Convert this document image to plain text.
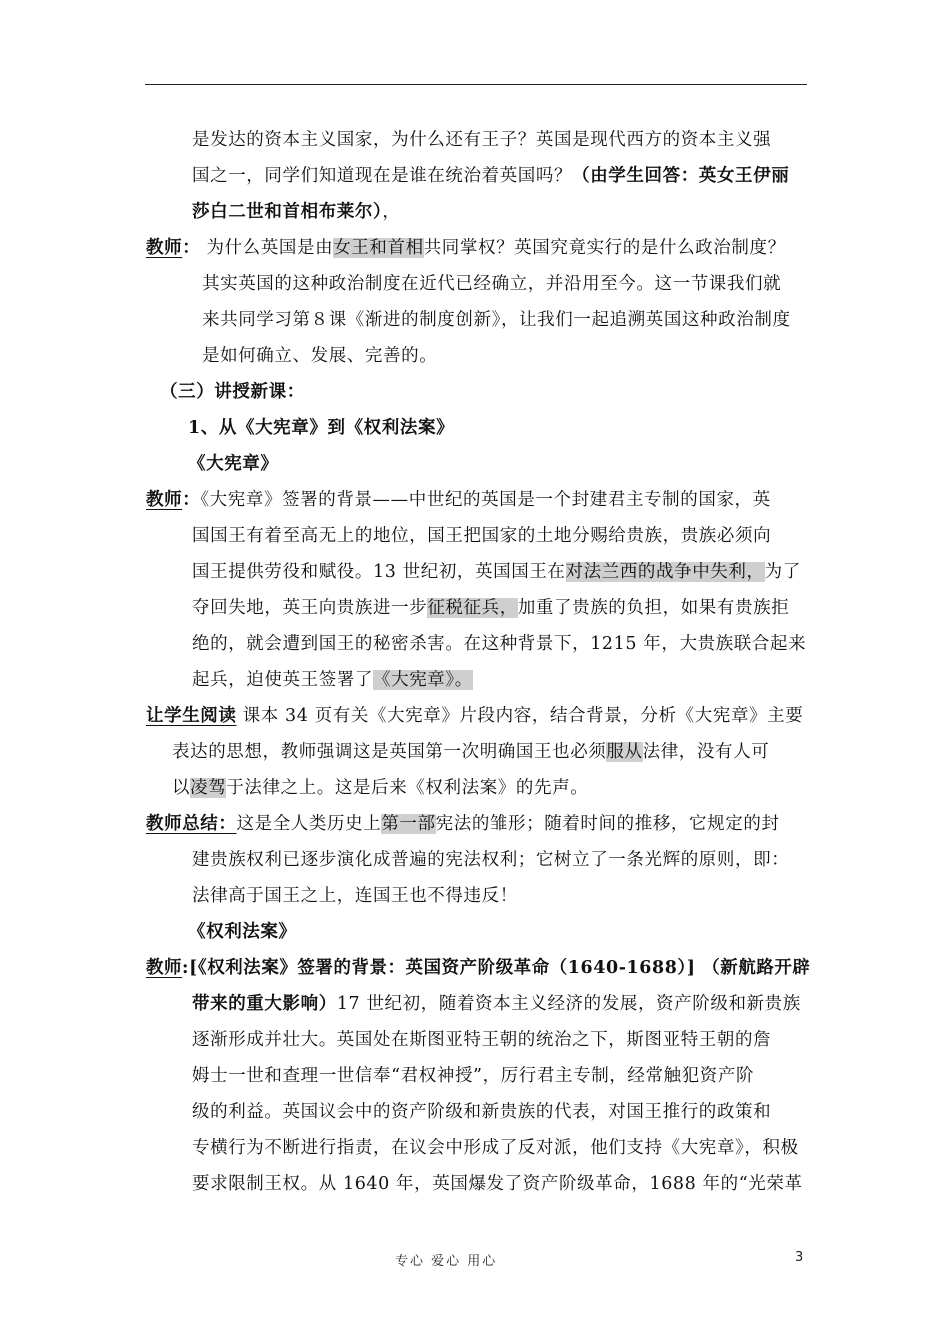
是发达的资本主义国家，为什么还有王子？英国是现代西方的资本主义强
国之一，同学们知道现在是谁在统治着英国吗？（由学生回答：英女王伊丽
莎白二世和首相布莱尔），
教师： 为什么英国是由女王和首相共同掌权？英国究竟实行的是什么政治制度？
其实英国的这种政治制度在近代已经确立，并沿用至今。这一节课我们就
来共同学习第８课《渐进的制度创新》，让我们一起追溯英国这种政治制度
是如何确立、发展、完善的。
（三）讲授新课：
1、从《大宪章》到《权利法案》
《大宪章》
教师：《大宪章》签署的背景——中世纪的英国是一个封建君主专制的国家，英
国国王有着至高无上的地位，国王把国家的土地分赐给贵族，贵族必须向
国王提供劳役和赋役。13 世纪初，英国国王在对法兰西的战争中失利，为了
夺回失地，英王向贵族进一步征税征兵，加重了贵族的负担，如果有贵族拒
绝的，就会遭到国王的秘密杀害。在这种背景下，1215 年，大贵族联合起来
起兵，迫使英王签署了《大宪章》。
让学生阅读 课本 34 页有关《大宪章》片段内容，结合背景，分析《大宪章》主要
表达的思想，教师强调这是英国第一次明确国王也必须服从法律，没有人可
以凌驾于法律之上。这是后来《权利法案》的先声。
教师总结：这是全人类历史上第一部宪法的雏形；随着时间的推移，它规定的封
建贵族权利已逐步演化成普遍的宪法权利；它树立了一条光辉的原则，即：
法律高于国王之上，连国王也不得违反！
《权利法案》
教师:[《权利法案》签署的背景：英国资产阶级革命（1640-1688）] （新航路开辟
带来的重大影响）17 世纪初，随着资本主义经济的发展，资产阶级和新贵族
逐渐形成并壮大。英国处在斯图亚特王朝的统治之下，斯图亚特王朝的詹
姆士一世和查理一世信奉“君权神授”，厉行君主专制，经常触犯资产阶
级的利益。英国议会中的资产阶级和新贵族的代表，对国王推行的政策和
专横行为不断进行指责，在议会中形成了反对派，他们支持《大宪章》，积极
要求限制王权。从 1640 年，英国爆发了资产阶级革命，1688 年的“光荣革
专心 爱心 用心	3
